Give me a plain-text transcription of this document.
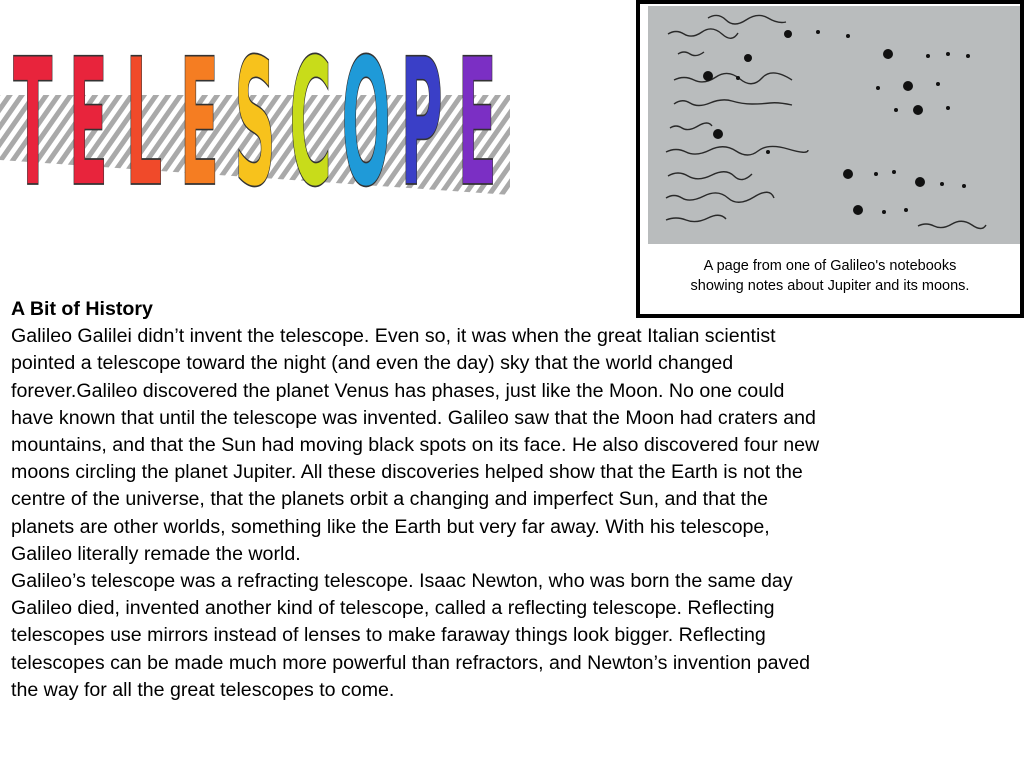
T E L E S C O P E
A page from one of Galileo's notebooks
showing notes about Jupiter and its moons.
A Bit of History

Galileo Galilei didn’t invent the telescope. Even so, it was when the great Italian scientist pointed a telescope toward the night (and even the day) sky that the world changed forever.Galileo discovered the planet Venus has phases, just like the Moon. No one could have known that until the telescope was invented. Galileo saw that the Moon had craters and mountains, and that the Sun had moving black spots on its face. He also discovered four new moons circling the planet Jupiter. All these discoveries helped show that the Earth is not the centre of the universe, that the planets orbit a changing and imperfect Sun, and that the planets are other worlds, something like the Earth but very far away. With his telescope, Galileo literally remade the world.

Galileo’s telescope was a refracting telescope. Isaac Newton, who was born the same day Galileo died, invented another kind of telescope, called a reflecting telescope. Reflecting telescopes use mirrors instead of lenses to make faraway things look bigger. Reflecting telescopes can be made much more powerful than refractors, and Newton’s invention paved the way for all the great telescopes to come.
